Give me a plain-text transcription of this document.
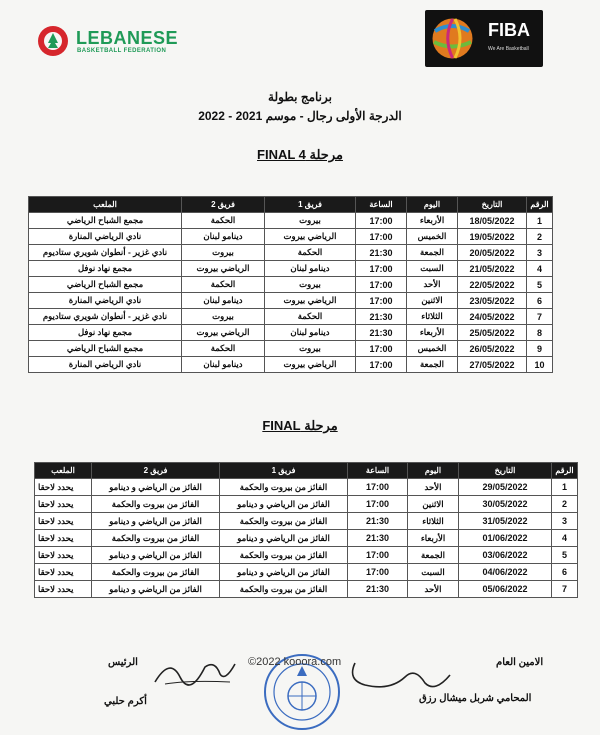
LEBANESE
BASKETBALL FEDERATION
FIBA
We Are Basketball
برنامج بطولة
الدرجة الأولى رجال - موسم 2021 - 2022
مرحلة FINAL 4
الرقم	التاريخ	اليوم	الساعة	فريق 1	فريق 2	الملعب
1	18/05/2022	الأربعاء	17:00	بيروت	الحكمة	مجمع الشباح الرياضي
2	19/05/2022	الخميس	17:00	الرياضي بيروت	دينامو لبنان	نادي الرياضي المنارة
3	20/05/2022	الجمعة	21:30	الحكمة	بيروت	نادي غزير - أنطوان شويري ستاديوم
4	21/05/2022	السبت	17:00	دينامو لبنان	الرياضي بيروت	مجمع نهاد نوفل
5	22/05/2022	الأحد	17:00	بيروت	الحكمة	مجمع الشباح الرياضي
6	23/05/2022	الاثنين	17:00	الرياضي بيروت	دينامو لبنان	نادي الرياضي المنارة
7	24/05/2022	الثلاثاء	21:30	الحكمة	بيروت	نادي غزير - أنطوان شويري ستاديوم
8	25/05/2022	الأربعاء	21:30	دينامو لبنان	الرياضي بيروت	مجمع نهاد نوفل
9	26/05/2022	الخميس	17:00	بيروت	الحكمة	مجمع الشباح الرياضي
10	27/05/2022	الجمعة	17:00	الرياضي بيروت	دينامو لبنان	نادي الرياضي المنارة
مرحلة FINAL
الرقم	التاريخ	اليوم	الساعة	فريق 1	فريق 2	الملعب
1	29/05/2022	الأحد	17:00	الفائز من بيروت والحكمة	الفائز من الرياضي و دينامو	يحدد لاحقا
2	30/05/2022	الاثنين	17:00	الفائز من الرياضي و دينامو	الفائز من بيروت والحكمة	يحدد لاحقا
3	31/05/2022	الثلاثاء	21:30	الفائز من بيروت والحكمة	الفائز من الرياضي و دينامو	يحدد لاحقا
4	01/06/2022	الأربعاء	21:30	الفائز من الرياضي و دينامو	الفائز من بيروت والحكمة	يحدد لاحقا
5	03/06/2022	الجمعة	17:00	الفائز من بيروت والحكمة	الفائز من الرياضي و دينامو	يحدد لاحقا
6	04/06/2022	السبت	17:00	الفائز من الرياضي و دينامو	الفائز من بيروت والحكمة	يحدد لاحقا
7	05/06/2022	الأحد	21:30	الفائز من بيروت والحكمة	الفائز من الرياضي و دينامو	يحدد لاحقا
الرئيس
أكرم حلبي
©2022 kooora.com	الامين العام
المحامي شربل ميشال رزق
